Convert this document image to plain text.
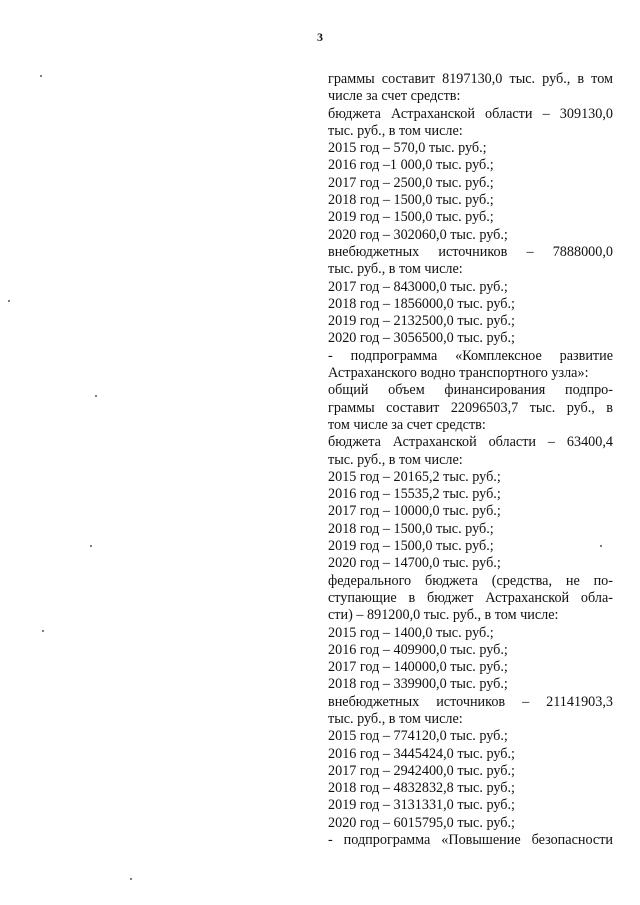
3
граммы составит 8197130,0 тыс. руб., в том
числе за счет средств:
бюджета Астраханской области – 309130,0
тыс. руб., в том числе:
2015 год – 570,0 тыс. руб.;
2016 год –1 000,0 тыс. руб.;
2017 год – 2500,0 тыс. руб.;
2018 год – 1500,0 тыс. руб.;
2019 год – 1500,0 тыс. руб.;
2020 год – 302060,0 тыс. руб.;
внебюджетных источников – 7888000,0
тыс. руб., в том числе:
2017 год – 843000,0 тыс. руб.;
2018 год – 1856000,0 тыс. руб.;
2019 год – 2132500,0 тыс. руб.;
2020 год – 3056500,0 тыс. руб.;
- подпрограмма «Комплексное развитие
Астраханского водно транспортного узла»:
общий объем финансирования подпро-
граммы составит 22096503,7 тыс. руб., в
том числе за счет средств:
бюджета Астраханской области – 63400,4
тыс. руб., в том числе:
2015 год – 20165,2 тыс. руб.;
2016 год – 15535,2 тыс. руб.;
2017 год – 10000,0 тыс. руб.;
2018 год – 1500,0 тыс. руб.;
2019 год – 1500,0 тыс. руб.;
2020 год – 14700,0 тыс. руб.;
федерального бюджета (средства, не по-
ступающие в бюджет Астраханской обла-
сти) – 891200,0 тыс. руб., в том числе:
2015 год – 1400,0 тыс. руб.;
2016 год – 409900,0 тыс. руб.;
2017 год – 140000,0 тыс. руб.;
2018 год – 339900,0 тыс. руб.;
внебюджетных источников – 21141903,3
тыс. руб., в том числе:
2015 год – 774120,0 тыс. руб.;
2016 год – 3445424,0 тыс. руб.;
2017 год – 2942400,0 тыс. руб.;
2018 год – 4832832,8 тыс. руб.;
2019 год – 3131331,0 тыс. руб.;
2020 год – 6015795,0 тыс. руб.;
- подпрограмма «Повышение безопасности
